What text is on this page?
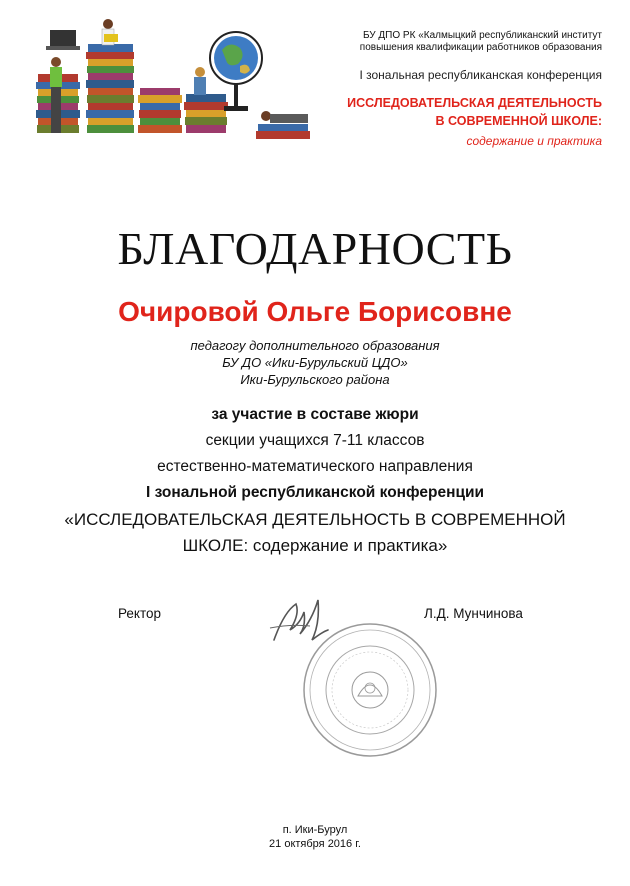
БУ ДПО РК «Калмыцкий республиканский институт
повышения квалификации работников образования
I зональная республиканская конференция
ИССЛЕДОВАТЕЛЬСКАЯ ДЕЯТЕЛЬНОСТЬ
В СОВРЕМЕННОЙ ШКОЛЕ:
содержание и практика
БЛАГОДАРНОСТЬ
Очировой Ольге Борисовне
педагогу дополнительного образования
БУ ДО «Ики-Бурульский ЦДО»
Ики-Бурульского района
за участие в составе жюри
секции учащихся 7-11 классов
естественно-математического направления
I зональной республиканской конференции
«ИССЛЕДОВАТЕЛЬСКАЯ ДЕЯТЕЛЬНОСТЬ В СОВРЕМЕННОЙ
ШКОЛЕ: содержание и практика»
Ректор	Л.Д. Мунчинова
п. Ики-Бурул
21 октября 2016 г.
